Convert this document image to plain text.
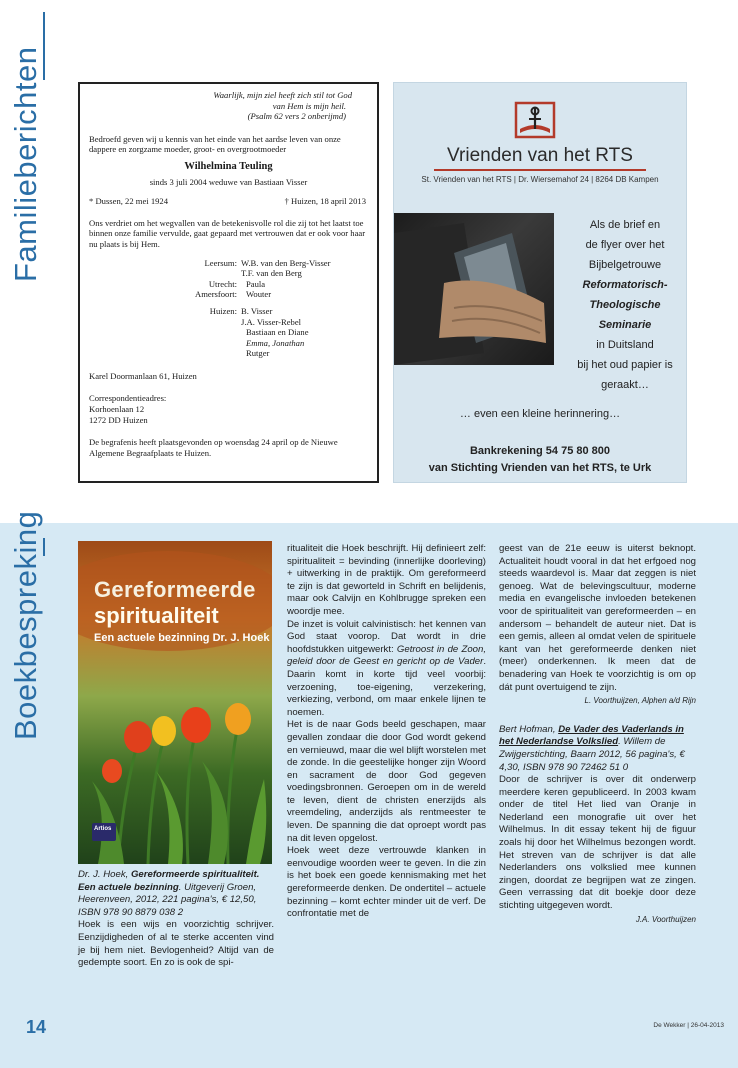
Familieberichten	Waarlijk, mijn ziel heeft zich stil tot God
van Hem is mijn heil.
(Psalm 62 vers 2 onberijmd)

Bedroefd geven wij u kennis van het einde van het aardse leven van onze dappere en zorgzame moeder, groot- en overgrootmoeder

Wilhelmina Teuling
sinds 3 juli 2004 weduwe van Bastiaan Visser
* Dussen, 22 mei 1924	† Huizen, 18 april 2013

Ons verdriet om het wegvallen van de betekenisvolle rol die zij tot het laatst toe binnen onze familie vervulde, gaat gepaard met vertrouwen dat er ook voor haar nu plaats is bij Hem.

Leersum: W.B. van den Berg-Visser
T.F. van den Berg
Utrecht:	Paula
Amersfoort:	Wouter
Huizen: B. Visser
J.A. Visser-Rebel
Bastiaan en Diane
Emma, Jonathan
Rutger

Karel Doormanlaan 61, Huizen

Correspondentieadres:
Korhoenlaan 12
1272 DD Huizen

De begrafenis heeft plaatsgevonden op woensdag 24 april op de Nieuwe Algemene Begraafplaats te Huizen.

Vrienden van het RTS
St. Vrienden van het RTS | Dr. Wiersemahof 24 | 8264 DB Kampen
Als de brief en
de flyer over het
Bijbelgetrouwe
Reformatorisch-
Theologische
Seminarie
in Duitsland
bij het oud papier is
geraakt…
… even een kleine herinnering…
Bankrekening 54 75 80 800
van Stichting Vrienden van het RTS, te Urk
Boekbespreking Gereformeerde
spiritualiteit
Een actuele bezinning Dr. J. Hoek
Artios

Dr. J. Hoek, Gereformeerde spiritualiteit. Een actuele bezinning. Uitgeverij Groen, Heerenveen, 2012, 221 pagina's, € 12,50, ISBN 978 90 8879 038 2

Hoek is een wijs en voorzichtig schrijver. Eenzijdigheden of al te sterke accenten vind je bij hem niet. Bevlogenheid? Altijd van de gedempte soort. En zo is ook de spi-

ritualiteit die Hoek beschrijft. Hij definieert zelf: spiritualiteit = bevinding (innerlijke doorleving) + uitwerking in de praktijk. Om gereformeerd te zijn is dat geworteld in Schrift en belijdenis, maar ook Calvijn en Kohlbrugge spreken een woordje mee.

De inzet is voluit calvinistisch: het kennen van God staat voorop. Dat wordt in drie hoofdstukken uitgewerkt: Getroost in de Zoon, geleid door de Geest en gericht op de Vader. Daarin komt in korte tijd veel voorbij: verzoening, toe-eigening, verzekering, verkiezing, verbond, om maar enkele lijnen te noemen.

Het is de naar Gods beeld geschapen, maar gevallen zondaar die door God wordt gekend en vernieuwd, maar die wel blijft worstelen met de zonde. In die geestelijke honger zijn Woord en sacrament de door God gegeven voedingsbronnen. Geroepen om in de wereld te leven, dient de christen enerzijds als vreemdeling, anderzijds als rentmeester te leven. De spanning die dat oproept wordt pas na dit leven opgelost.

Hoek weet deze vertrouwde klanken in eenvoudige woorden weer te geven. In die zin is het boek een goede kennismaking met het gereformeerde denken. De ondertitel – actuele bezinning – komt echter minder uit de verf. De confrontatie met de

geest van de 21e eeuw is uiterst beknopt. Actualiteit houdt vooral in dat het erfgoed nog steeds waardevol is. Maar dat zeggen is niet genoeg. Wat de belevingscultuur, moderne media en evangelische invloeden betekenen voor de spiritualiteit van gereformeerden – en andersom – behandelt de auteur niet. Dat is een gemis, alleen al omdat velen de spirituele kant van het gereformeerde denken niet (meer) onderkennen. Ik meen dat de benadering van Hoek te voorzichtig is om op dát punt overtuigend te zijn.

L. Voorthuijzen, Alphen a/d Rijn

Bert Hofman, De Vader des Vaderlands in het Nederlandse Volkslied. Willem de Zwijgerstichting, Baarn 2012, 56 pagina's, € 4,30, ISBN 978 90 72462 51 0

Door de schrijver is over dit onderwerp meerdere keren gepubliceerd. In 2003 kwam onder de titel Het lied van Oranje in Nederland een monografie uit over het Wilhelmus. In dit essay tekent hij de figuur zoals hij door het Wilhelmus bezongen wordt. Het streven van de schrijver is dat alle Nederlanders ons volkslied mee kunnen zingen, doordat ze begrijpen wat ze zingen. Geen verrassing dat dit boekje door deze stichting uitgegeven wordt.

J.A. Voorthuijzen
14	De Wekker | 26-04-2013
